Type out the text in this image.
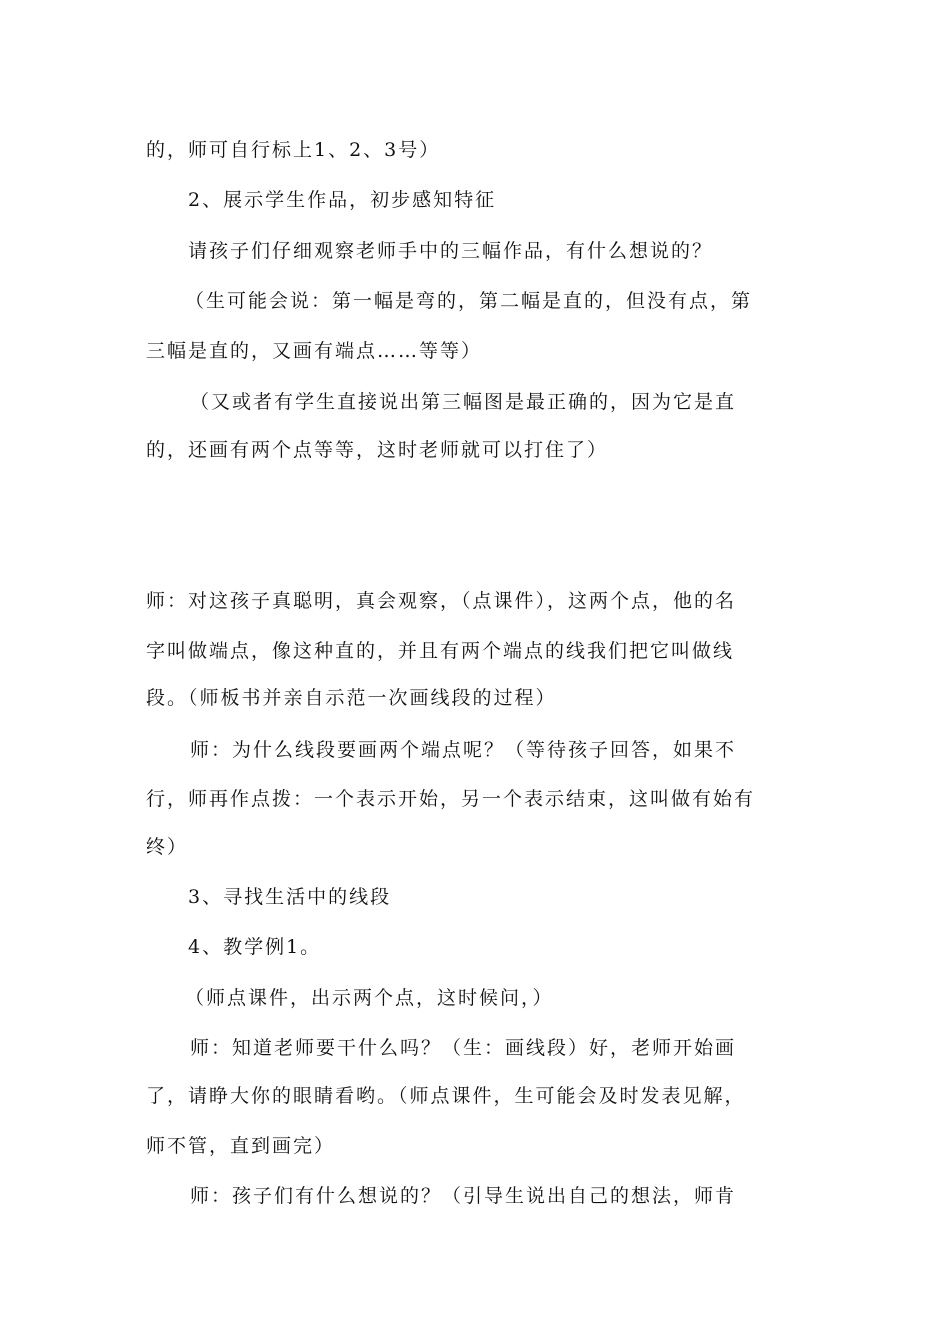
的，师可自行标上1、2、3号）
2、展示学生作品，初步感知特征
请孩子们仔细观察老师手中的三幅作品，有什么想说的？
（生可能会说：第一幅是弯的，第二幅是直的，但没有点，第
三幅是直的，又画有端点……等等）
（又或者有学生直接说出第三幅图是最正确的，因为它是直
的，还画有两个点等等，这时老师就可以打住了）
师：对这孩子真聪明，真会观察，（点课件），这两个点，他的名
字叫做端点，像这种直的，并且有两个端点的线我们把它叫做线
段。（师板书并亲自示范一次画线段的过程）
师：为什么线段要画两个端点呢？（等待孩子回答，如果不
行，师再作点拨：一个表示开始，另一个表示结束，这叫做有始有
终）
3、寻找生活中的线段
4、教学例1。
（师点课件，出示两个点，这时候问，）
师：知道老师要干什么吗？（生：画线段）好，老师开始画
了，请睁大你的眼睛看哟。（师点课件，生可能会及时发表见解，
师不管，直到画完）
师：孩子们有什么想说的？（引导生说出自己的想法，师肯
